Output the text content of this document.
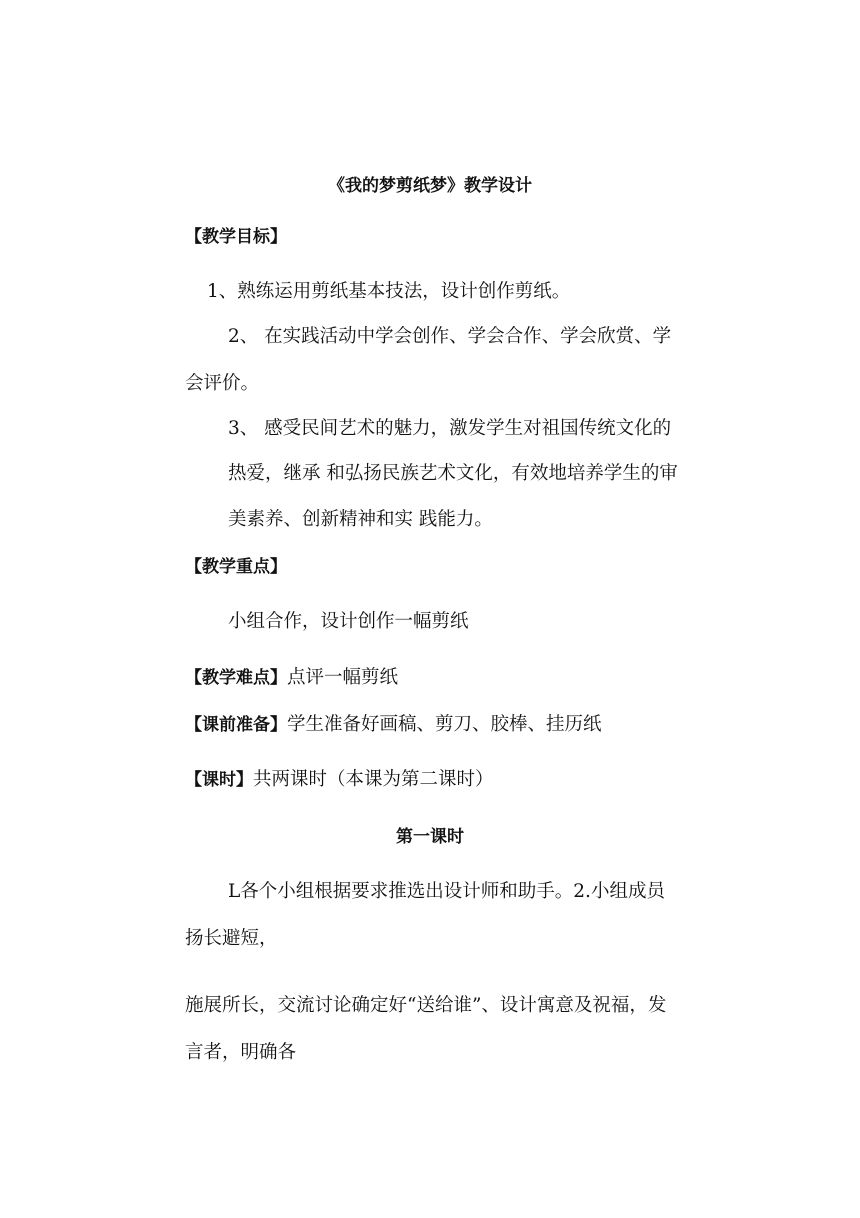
《我的梦剪纸梦》教学设计
【教学目标】
1、熟练运用剪纸基本技法，设计创作剪纸。
2、 在实践活动中学会创作、学会合作、学会欣赏、学
会评价。
3、 感受民间艺术的魅力，激发学生对祖国传统文化的
热爱，继承 和弘扬民族艺术文化，有效地培养学生的审
美素养、创新精神和实 践能力。
【教学重点】
小组合作，设计创作一幅剪纸
【教学难点】点评一幅剪纸
【课前准备】学生准备好画稿、剪刀、胶棒、挂历纸
【课时】共两课时（本课为第二课时）
第一课时
L各个小组根据要求推选出设计师和助手。2.小组成员
扬长避短，
施展所长，交流讨论确定好“送给谁”、设计寓意及祝福，发
言者，明确各
